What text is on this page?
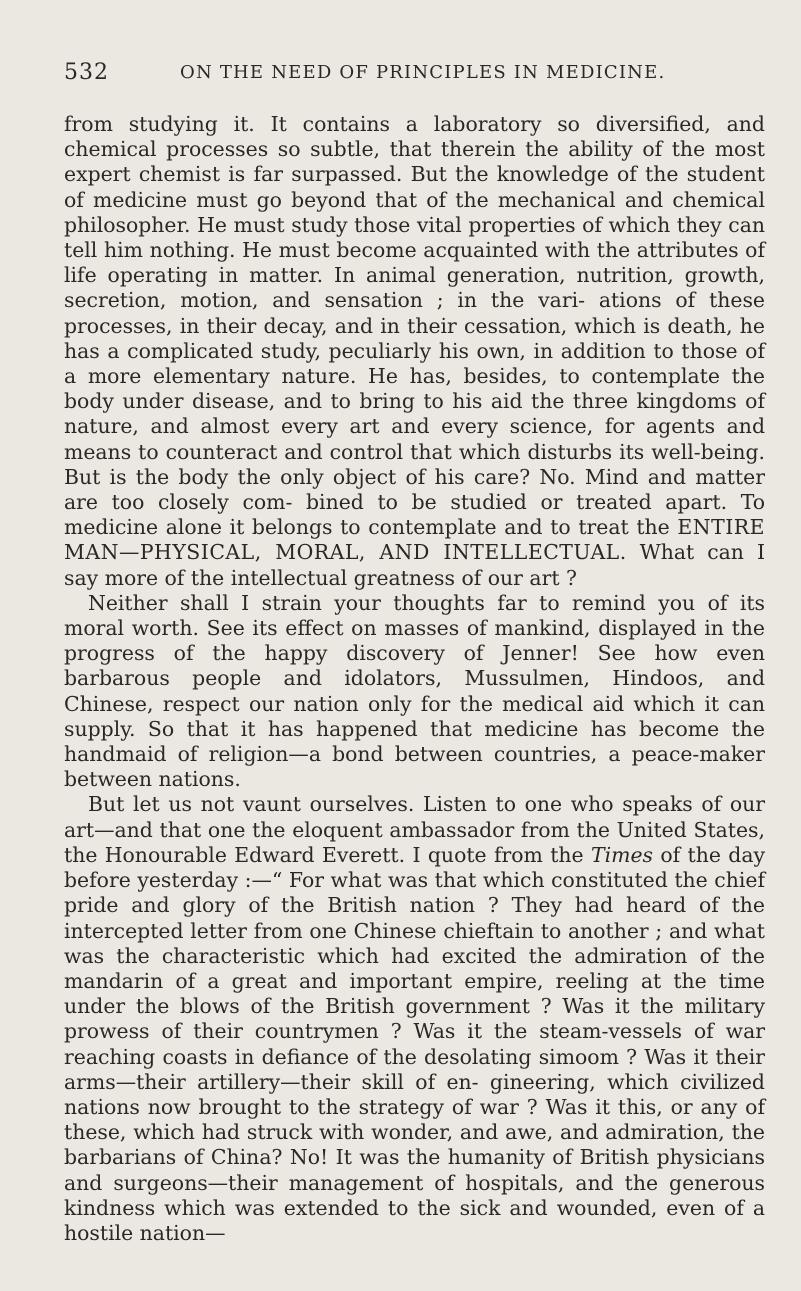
532	ON THE NEED OF PRINCIPLES IN MEDICINE.

from studying it. It contains a laboratory so diversified, and chemical processes so subtle, that therein the ability of the most expert chemist is far surpassed. But the knowledge of the student of medicine must go beyond that of the mechanical and chemical philosopher. He must study those vital properties of which they can tell him nothing. He must become acquainted with the attributes of life operating in matter. In animal generation, nutrition, growth, secretion, motion, and sensation ; in the vari- ations of these processes, in their decay, and in their cessation, which is death, he has a complicated study, peculiarly his own, in addition to those of a more elementary nature. He has, besides, to contemplate the body under disease, and to bring to his aid the three kingdoms of nature, and almost every art and every science, for agents and means to counteract and control that which disturbs its well-being. But is the body the only object of his care? No. Mind and matter are too closely com- bined to be studied or treated apart. To medicine alone it belongs to contemplate and to treat the ENTIRE MAN—PHYSICAL, MORAL, AND INTELLECTUAL. What can I say more of the intellectual greatness of our art ?

Neither shall I strain your thoughts far to remind you of its moral worth. See its effect on masses of mankind, displayed in the progress of the happy discovery of Jenner! See how even barbarous people and idolators, Mussulmen, Hindoos, and Chinese, respect our nation only for the medical aid which it can supply. So that it has happened that medicine has become the handmaid of religion—a bond between countries, a peace-maker between nations.

But let us not vaunt ourselves. Listen to one who speaks of our art—and that one the eloquent ambassador from the United States, the Honourable Edward Everett. I quote from the Times of the day before yesterday :—“ For what was that which constituted the chief pride and glory of the British nation ? They had heard of the intercepted letter from one Chinese chieftain to another ; and what was the characteristic which had excited the admiration of the mandarin of a great and important empire, reeling at the time under the blows of the British government ? Was it the military prowess of their countrymen ? Was it the steam-vessels of war reaching coasts in defiance of the desolating simoom ? Was it their arms—their artillery—their skill of en- gineering, which civilized nations now brought to the strategy of war ? Was it this, or any of these, which had struck with wonder, and awe, and admiration, the barbarians of China? No! It was the humanity of British physicians and surgeons—their management of hospitals, and the generous kindness which was extended to the sick and wounded, even of a hostile nation—
